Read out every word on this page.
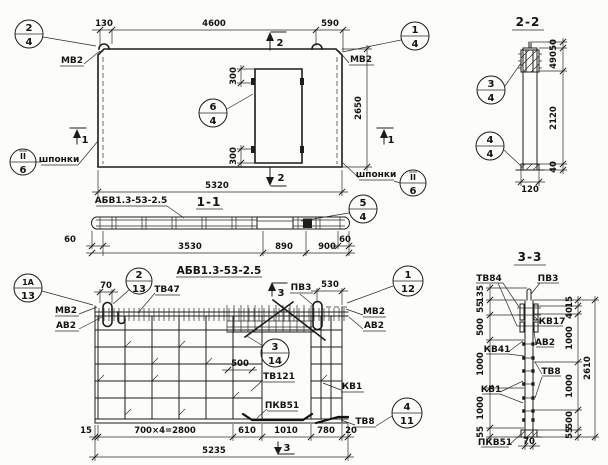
130	4600	590
5320
2650
300
300
МВ2	МВ2
шпонки
шпонки
2
2
1	1
2
4
1
4
6
4
II
6
II
6
АБВ1.3-53-2.5 1-1
60	60
3530	890	900
5
4
2-2
50
490
2120
40
120
3
4
4
4
3-3
ТВ84	ПВ3
КВ17
АВ2
ТВ8
КВ41
КВ1
ПКВ51
135
55
500
1000
1000
55
15
40
1000
1000
500
55
2610
70
АБВ1.3-53-2.5
ТВ47	ПВ3
МВ2
АВ2
МВ2
АВ2
ТВ121
КВ1
ПКВ51
ТВ8
70	530
500
15	700×4=2800	610 1010 780 20
5235
3
3
1А
13
2
13
1
12
3
14
4
11
